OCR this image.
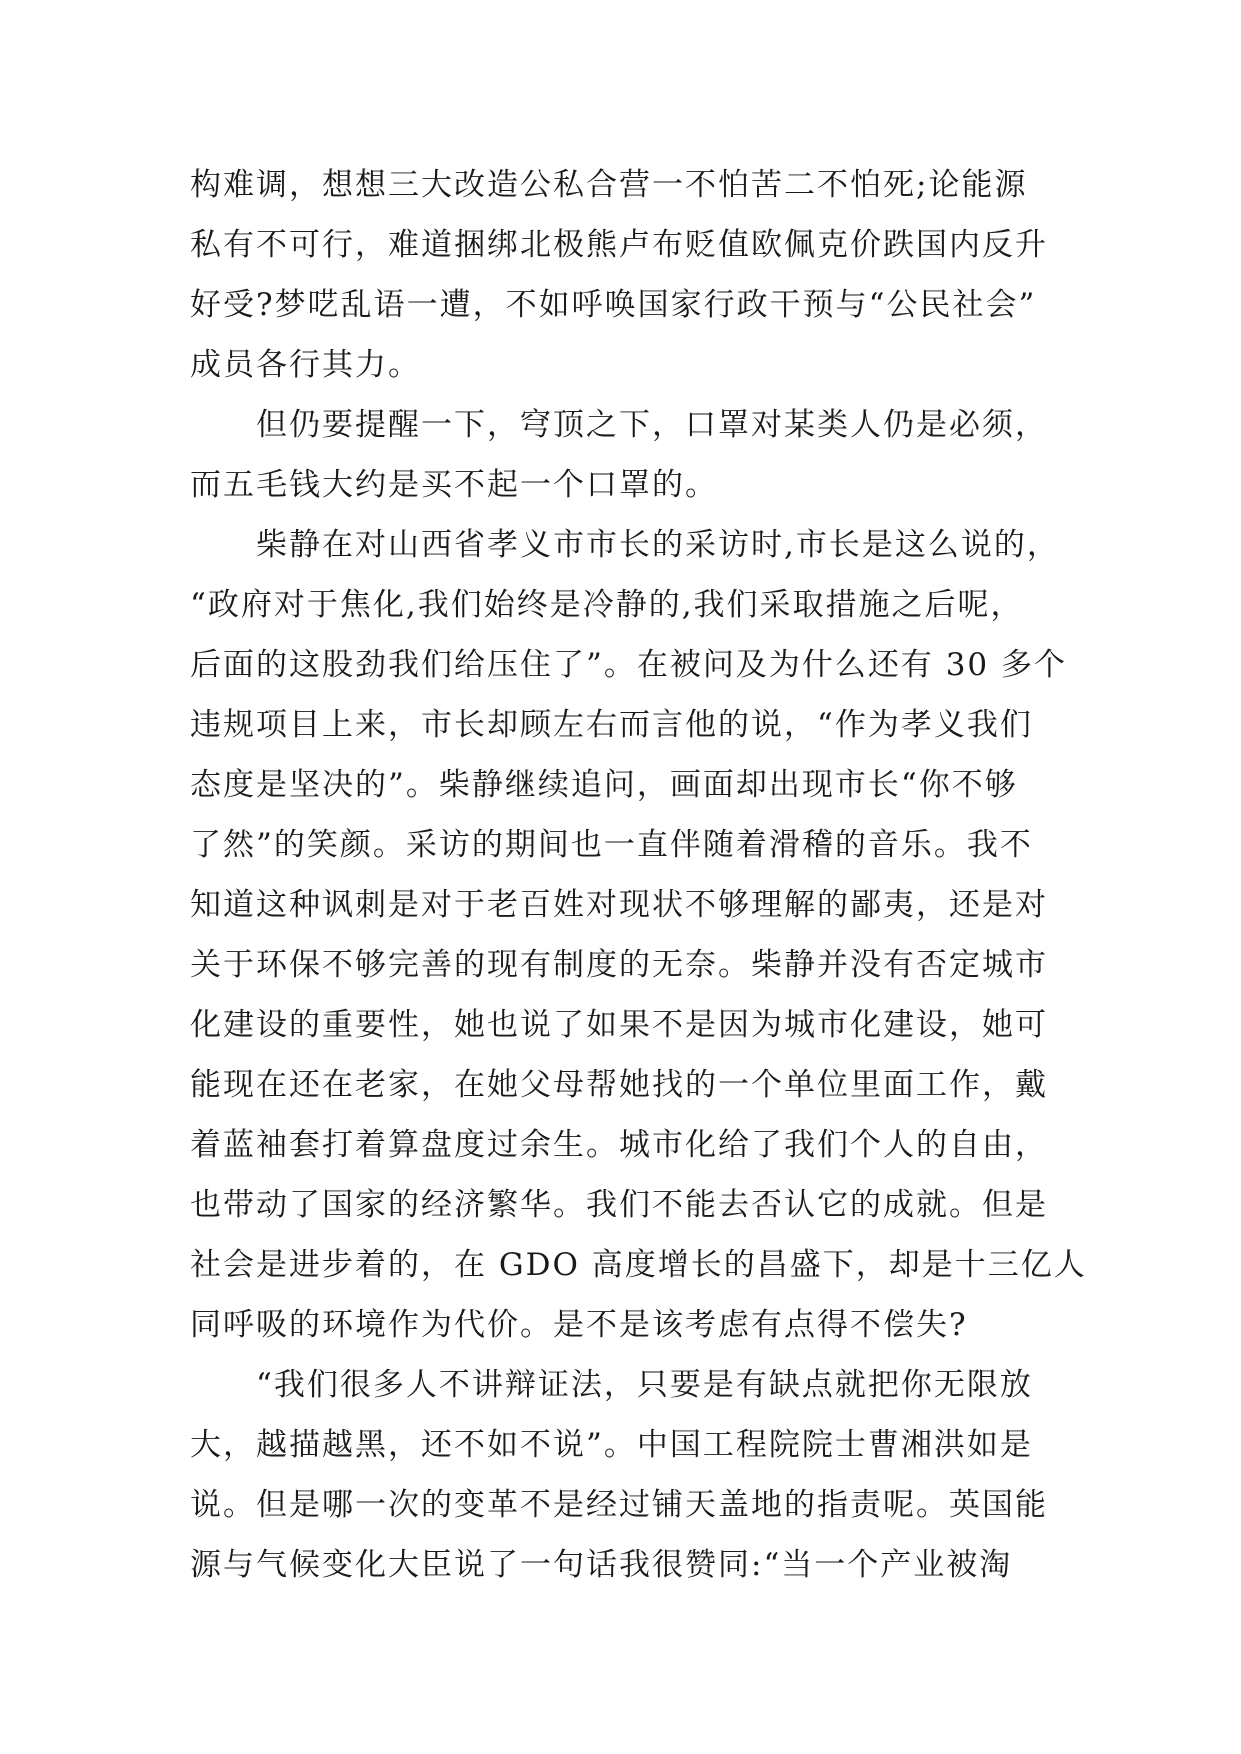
构难调，想想三大改造公私合营一不怕苦二不怕死;论能源
私有不可行，难道捆绑北极熊卢布贬值欧佩克价跌国内反升
好受?梦呓乱语一遭，不如呼唤国家行政干预与“公民社会”
成员各行其力。
但仍要提醒一下，穹顶之下，口罩对某类人仍是必须，
而五毛钱大约是买不起一个口罩的。
柴静在对山西省孝义市市长的采访时,市长是这么说的，
“政府对于焦化,我们始终是冷静的,我们采取措施之后呢，
后面的这股劲我们给压住了”。在被问及为什么还有 30 多个
违规项目上来，市长却顾左右而言他的说，“作为孝义我们
态度是坚决的”。柴静继续追问，画面却出现市长“你不够
了然”的笑颜。采访的期间也一直伴随着滑稽的音乐。我不
知道这种讽刺是对于老百姓对现状不够理解的鄙夷，还是对
关于环保不够完善的现有制度的无奈。柴静并没有否定城市
化建设的重要性，她也说了如果不是因为城市化建设，她可
能现在还在老家，在她父母帮她找的一个单位里面工作，戴
着蓝袖套打着算盘度过余生。城市化给了我们个人的自由，
也带动了国家的经济繁华。我们不能去否认它的成就。但是
社会是进步着的，在 GDO 高度增长的昌盛下，却是十三亿人
同呼吸的环境作为代价。是不是该考虑有点得不偿失?
“我们很多人不讲辩证法，只要是有缺点就把你无限放
大，越描越黑，还不如不说”。中国工程院院士曹湘洪如是
说。但是哪一次的变革不是经过铺天盖地的指责呢。英国能
源与气候变化大臣说了一句话我很赞同:“当一个产业被淘
